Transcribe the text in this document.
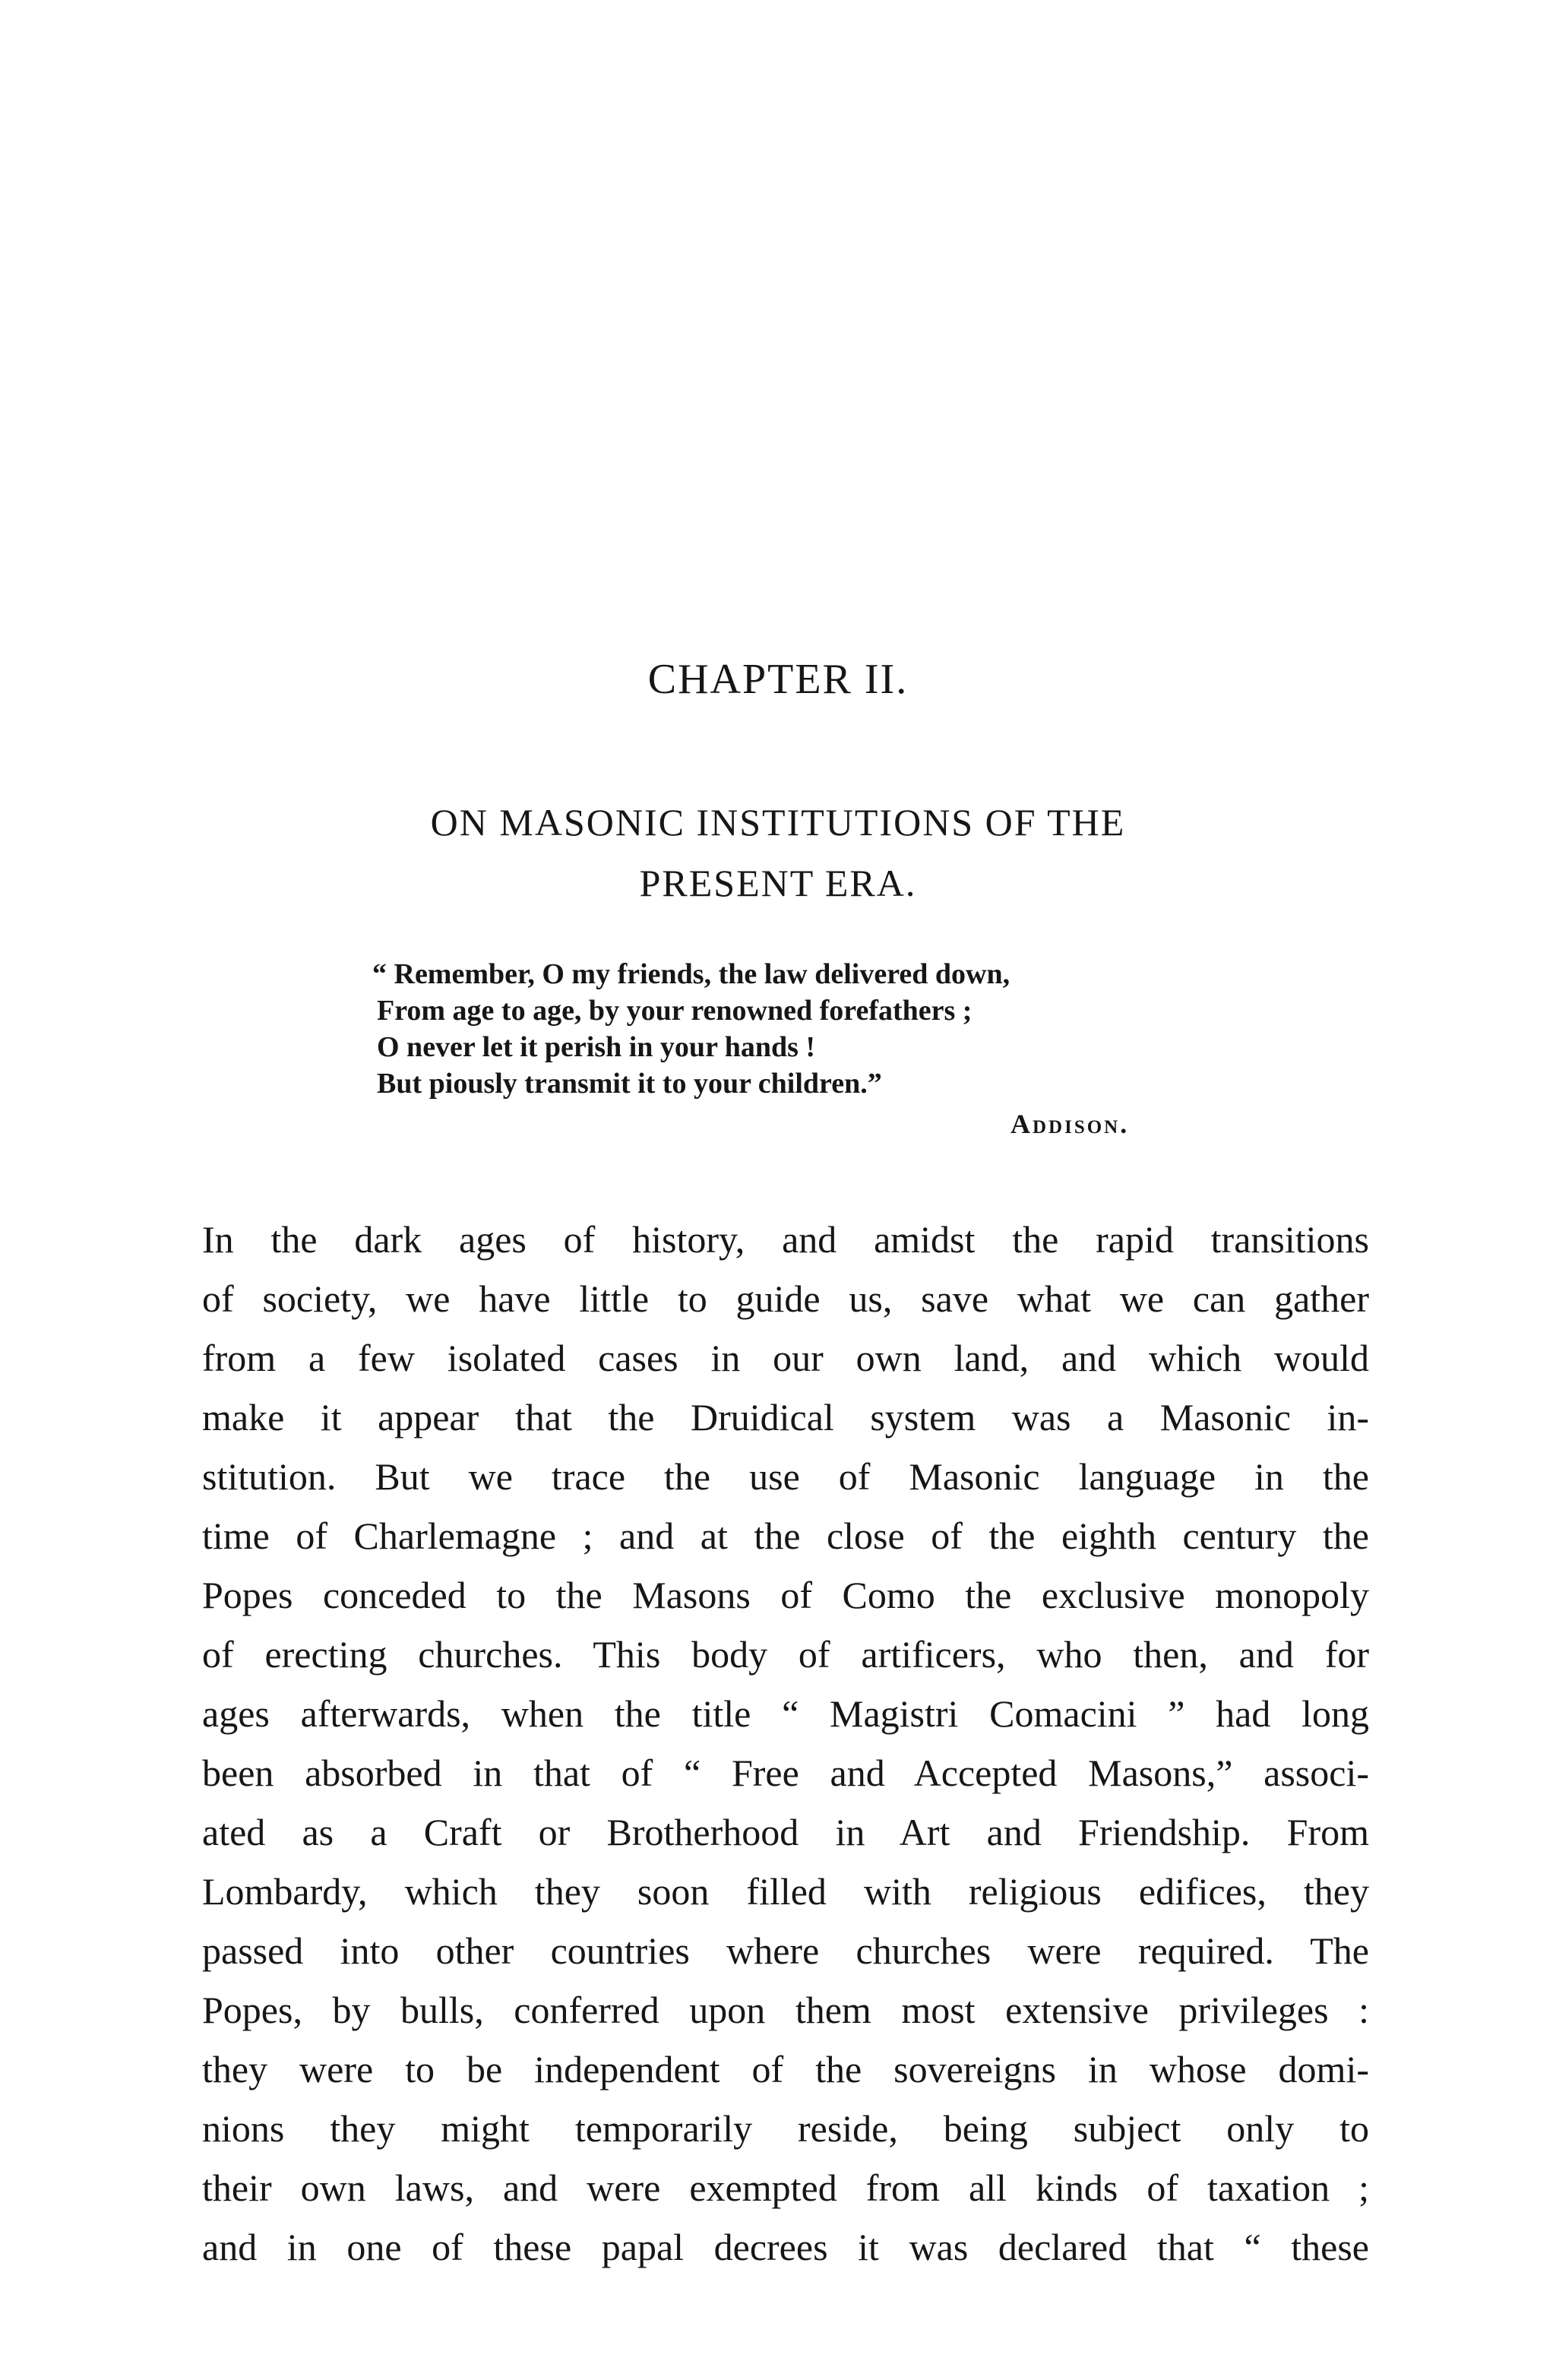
CHAPTER II.
ON MASONIC INSTITUTIONS OF THE
PRESENT ERA.
“ Remember, O my friends, the law delivered down,
From age to age, by your renowned forefathers ;
O never let it perish in your hands !
But piously transmit it to your children.”
Addison.
In the dark ages of history, and amidst the rapid transitions
of society, we have little to guide us, save what we can gather
from a few isolated cases in our own land, and which would
make it appear that the Druidical system was a Masonic in-
stitution. But we trace the use of Masonic language in the
time of Charlemagne ; and at the close of the eighth century the
Popes conceded to the Masons of Como the exclusive monopoly
of erecting churches. This body of artificers, who then, and for
ages afterwards, when the title “ Magistri Comacini ” had long
been absorbed in that of “ Free and Accepted Masons,” associ-
ated as a Craft or Brotherhood in Art and Friendship. From
Lombardy, which they soon filled with religious edifices, they
passed into other countries where churches were required. The
Popes, by bulls, conferred upon them most extensive privileges :
they were to be independent of the sovereigns in whose domi-
nions they might temporarily reside, being subject only to
their own laws, and were exempted from all kinds of taxation ;
and in one of these papal decrees it was declared that “ these
